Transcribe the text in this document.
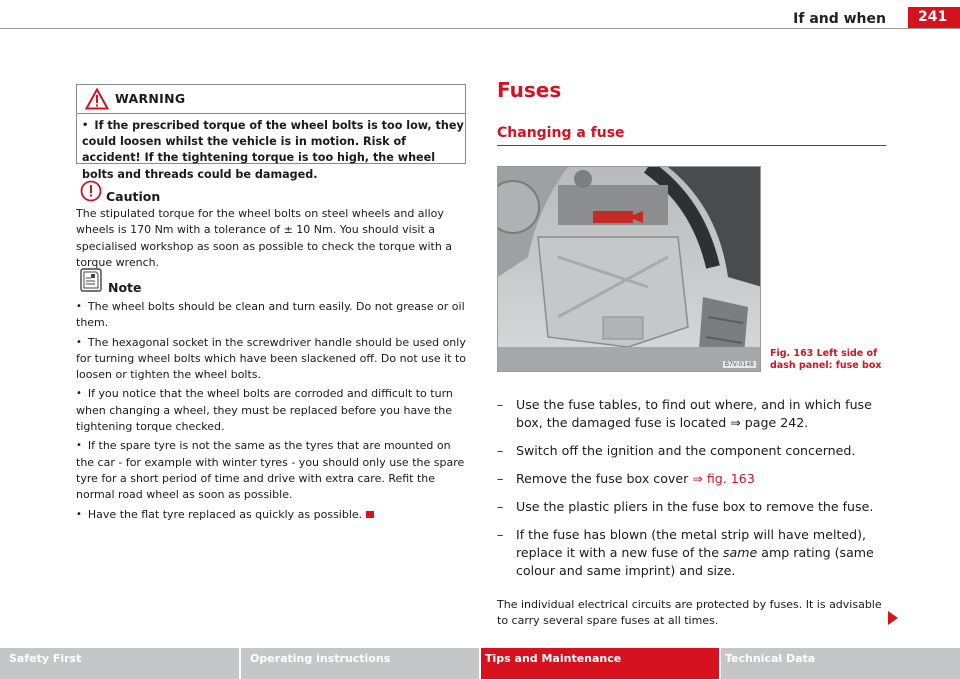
If and when	241
WARNING
• If the prescribed torque of the wheel bolts is too low, they could loosen whilst the vehicle is in motion. Risk of accident! If the tightening torque is too high, the wheel bolts and threads could be damaged.
Caution
The stipulated torque for the wheel bolts on steel wheels and alloy wheels is 170 Nm with a tolerance of ± 10 Nm. You should visit a specialised workshop as soon as possible to check the torque with a torque wrench.
Note

• The wheel bolts should be clean and turn easily. Do not grease or oil them.

• The hexagonal socket in the screwdriver handle should be used only for turning wheel bolts which have been slackened off. Do not use it to loosen or tighten the wheel bolts.

• If you notice that the wheel bolts are corroded and difficult to turn when changing a wheel, they must be replaced before you have the tightening torque checked.

• If the spare tyre is not the same as the tyres that are mounted on the car - for example with winter tyres - you should only use the spare tyre for a short period of time and drive with extra care. Refit the normal road wheel as soon as possible.

• Have the flat tyre replaced as quickly as possible.

Fuses
Changing a fuse
B7V-0148
Fig. 163 Left side of dash panel: fuse box
– Use the fuse tables, to find out where, and in which fuse box, the damaged fuse is located ⇒ page 242.
– Switch off the ignition and the component concerned.
– Remove the fuse box cover ⇒ fig. 163
– Use the plastic pliers in the fuse box to remove the fuse.
– If the fuse has blown (the metal strip will have melted), replace it with a new fuse of the same amp rating (same colour and same imprint) and size.
The individual electrical circuits are protected by fuses. It is advisable to carry several spare fuses at all times.
Safety First	Operating instructions	Tips and Maintenance	Technical Data
